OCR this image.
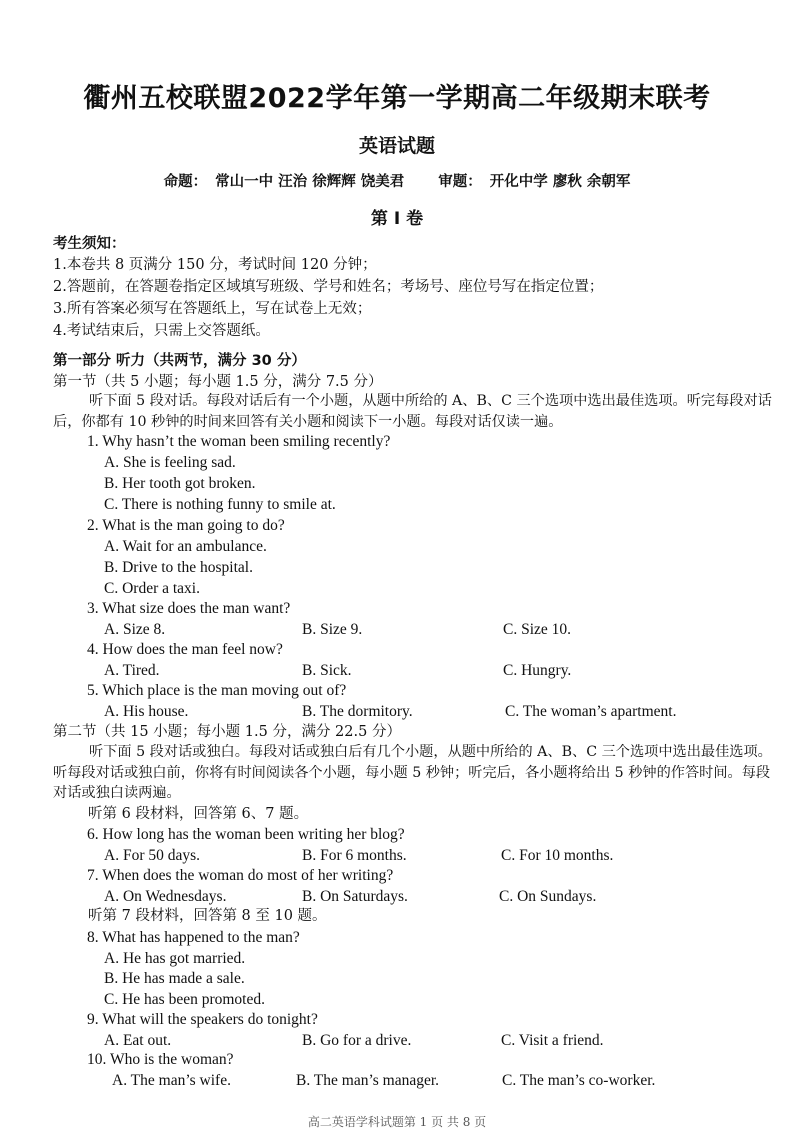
衢州五校联盟2022学年第一学期高二年级期末联考
英语试题
命题： 常山一中 汪治 徐辉辉 饶美君 审题： 开化中学 廖秋 余朝军
第 Ⅰ 卷
考生须知：
1.本卷共 8 页满分 150 分，考试时间 120 分钟；
2.答题前，在答题卷指定区域填写班级、学号和姓名；考场号、座位号写在指定位置；
3.所有答案必须写在答题纸上，写在试卷上无效；
4.考试结束后，只需上交答题纸。
第一部分 听力（共两节，满分 30 分）
第一节（共 5 小题；每小题 1.5 分，满分 7.5 分）
听下面 5 段对话。每段对话后有一个小题，从题中所给的 A、B、C 三个选项中选出最佳选项。听完每段对话后，你都有 10 秒钟的时间来回答有关小题和阅读下一小题。每段对话仅读一遍。
1. Why hasn’t the woman been smiling recently?
A. She is feeling sad.
B. Her tooth got broken.
C. There is nothing funny to smile at.
2. What is the man going to do?
A. Wait for an ambulance.
B. Drive to the hospital.
C. Order a taxi.
3. What size does the man want?
A. Size 8.	B. Size 9.	C. Size 10.
4. How does the man feel now?
A. Tired.	B. Sick.	C. Hungry.
5. Which place is the man moving out of?
A. His house.	B. The dormitory.	C. The woman’s apartment.
第二节（共 15 小题；每小题 1.5 分，满分 22.5 分）
听下面 5 段对话或独白。每段对话或独白后有几个小题，从题中所给的 A、B、C 三个选项中选出最佳选项。听每段对话或独白前，你将有时间阅读各个小题，每小题 5 秒钟；听完后，各小题将给出 5 秒钟的作答时间。每段对话或独白读两遍。
听第 6 段材料，回答第 6、7 题。
6. How long has the woman been writing her blog?
A. For 50 days.	B. For 6 months.	C. For 10 months.
7. When does the woman do most of her writing?
A. On Wednesdays.	B. On Saturdays.	C. On Sundays.
听第 7 段材料，回答第 8 至 10 题。
8. What has happened to the man?
A. He has got married.
B. He has made a sale.
C. He has been promoted.
9. What will the speakers do tonight?
A. Eat out.	B. Go for a drive.	C. Visit a friend.
10. Who is the woman?
A. The man’s wife.	B. The man’s manager.	C. The man’s co-worker.
高二英语学科试题第 1 页 共 8 页
